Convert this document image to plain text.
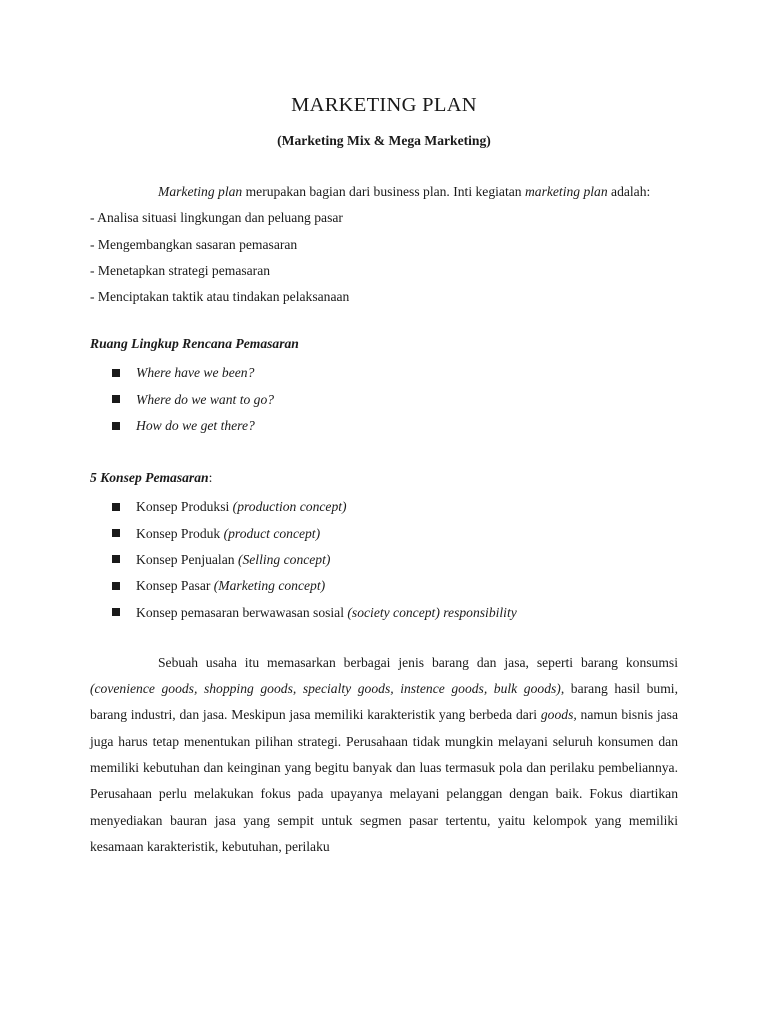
MARKETING PLAN
(Marketing Mix & Mega Marketing)

Marketing plan merupakan bagian dari business plan. Inti kegiatan marketing plan adalah:

- Analisa situasi lingkungan dan peluang pasar
- Mengembangkan sasaran pemasaran
- Menetapkan strategi pemasaran
- Menciptakan taktik atau tindakan pelaksanaan
Ruang Lingkup Rencana Pemasaran
Where have we been?
Where do we want to go?
How do we get there?
5 Konsep Pemasaran:
Konsep Produksi (production concept)
Konsep Produk (product concept)
Konsep Penjualan (Selling concept)
Konsep Pasar (Marketing concept)
Konsep pemasaran berwawasan sosial (society concept) responsibility

Sebuah usaha itu memasarkan berbagai jenis barang dan jasa, seperti barang konsumsi (covenience goods, shopping goods, specialty goods, instence goods, bulk goods), barang hasil bumi, barang industri, dan jasa. Meskipun jasa memiliki karakteristik yang berbeda dari goods, namun bisnis jasa juga harus tetap menentukan pilihan strategi. Perusahaan tidak mungkin melayani seluruh konsumen dan memiliki kebutuhan dan keinginan yang begitu banyak dan luas termasuk pola dan perilaku pembeliannya. Perusahaan perlu melakukan fokus pada upayanya melayani pelanggan dengan baik. Fokus diartikan menyediakan bauran jasa yang sempit untuk segmen pasar tertentu, yaitu kelompok yang memiliki kesamaan karakteristik, kebutuhan, perilaku
